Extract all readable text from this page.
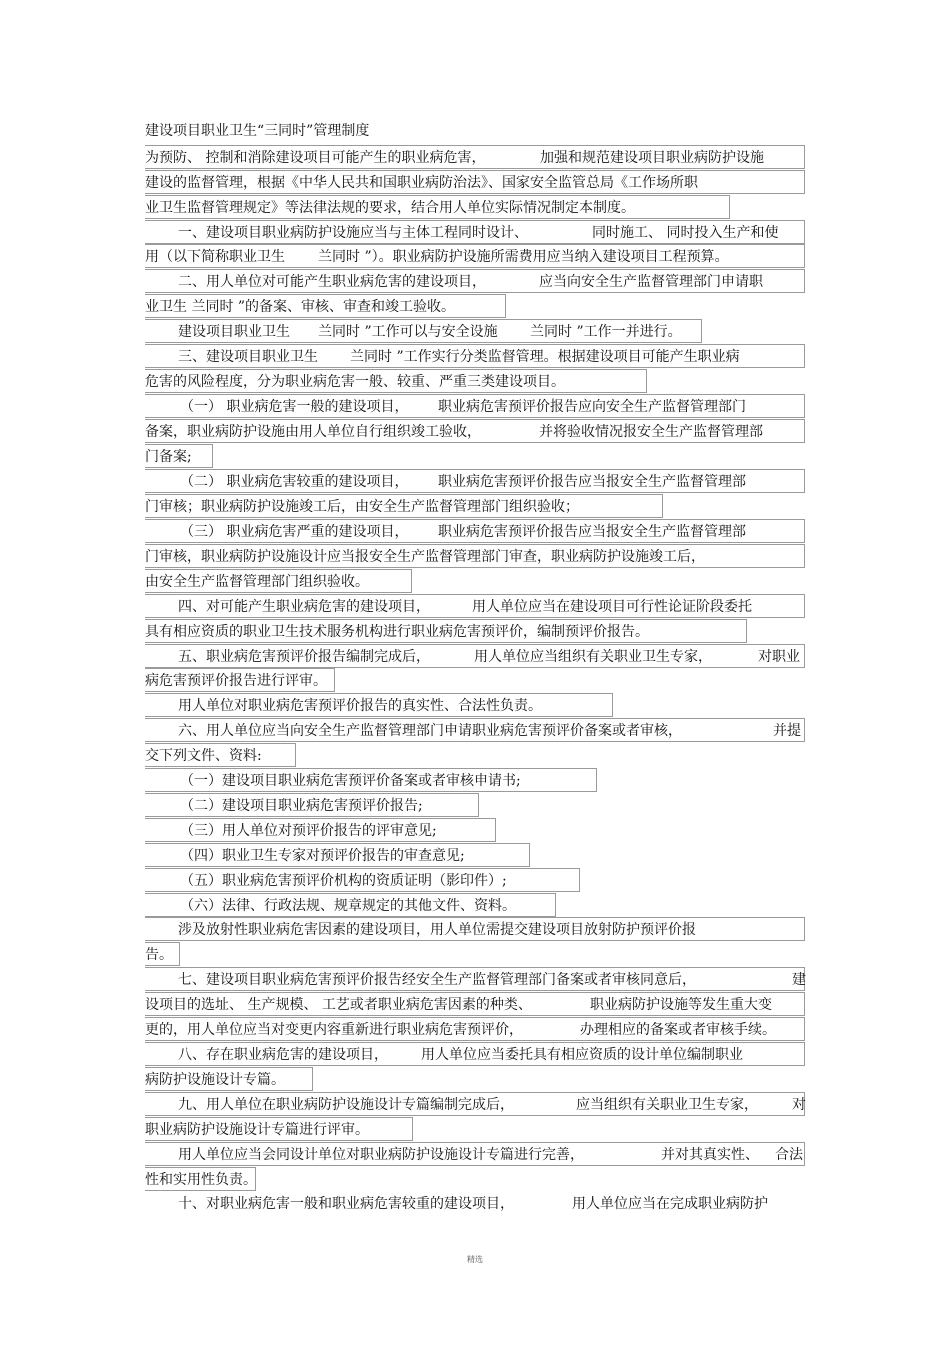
建设项目职业卫生“三同时”管理制度
为预防、 控制和消除建设项目可能产生的职业病危害，	加强和规范建设项目职业病防护设施
建设的监督管理，根据《中华人民共和国职业病防治法》、国家安全监管总局《工作场所职
业卫生监督管理规定》等法律法规的要求，结合用人单位实际情况制定本制度。
一、建设项目职业病防护设施应当与主体工程同时设计、	同时施工、 同时投入生产和使
用（以下简称职业卫生 兰同时 ”）。职业病防护设施所需费用应当纳入建设项目工程预算。
二、用人单位对可能产生职业病危害的建设项目，	应当向安全生产监督管理部门申请职
业卫生 兰同时 ”的备案、审核、审查和竣工验收。
建设项目职业卫生 兰同时 ”工作可以与安全设施 兰同时 ”工作一并进行。
三、建设项目职业卫生 兰同时 ”工作实行分类监督管理。根据建设项目可能产生职业病
危害的风险程度，分为职业病危害一般、较重、严重三类建设项目。
（一） 职业病危害一般的建设项目， 职业病危害预评价报告应向安全生产监督管理部门
备案，职业病防护设施由用人单位自行组织竣工验收，	并将验收情况报安全生产监督管理部
门备案;
（二） 职业病危害较重的建设项目， 职业病危害预评价报告应当报安全生产监督管理部
门审核；职业病防护设施竣工后，由安全生产监督管理部门组织验收；
（三） 职业病危害严重的建设项目， 职业病危害预评价报告应当报安全生产监督管理部
门审核，职业病防护设施设计应当报安全生产监督管理部门审查，职业病防护设施竣工后，
由安全生产监督管理部门组织验收。
四、对可能产生职业病危害的建设项目，	用人单位应当在建设项目可行性论证阶段委托
具有相应资质的职业卫生技术服务机构进行职业病危害预评价，编制预评价报告。
五、职业病危害预评价报告编制完成后，	用人单位应当组织有关职业卫生专家，	对职业
病危害预评价报告进行评审。
用人单位对职业病危害预评价报告的真实性、合法性负责。
六、用人单位应当向安全生产监督管理部门申请职业病危害预评价备案或者审核，	并提
交下列文件、资料:
（一）建设项目职业病危害预评价备案或者审核申请书;
（二）建设项目职业病危害预评价报告;
（三）用人单位对预评价报告的评审意见;
（四）职业卫生专家对预评价报告的审查意见;
（五）职业病危害预评价机构的资质证明（影印件）;
（六）法律、行政法规、规章规定的其他文件、资料。
涉及放射性职业病危害因素的建设项目，用人单位需提交建设项目放射防护预评价报
告。
七、建设项目职业病危害预评价报告经安全生产监督管理部门备案或者审核同意后，	建
设项目的选址、 生产规模、 工艺或者职业病危害因素的种类、	职业病防护设施等发生重大变
更的，用人单位应当对变更内容重新进行职业病危害预评价，	办理相应的备案或者审核手续。
八、存在职业病危害的建设项目， 用人单位应当委托具有相应资质的设计单位编制职业
病防护设施设计专篇。
九、用人单位在职业病防护设施设计专篇编制完成后，	应当组织有关职业卫生专家， 对
职业病防护设施设计专篇进行评审。
用人单位应当会同设计单位对职业病防护设施设计专篇进行完善，	并对其真实性、 合法
性和实用性负责。
十、对职业病危害一般和职业病危害较重的建设项目，	用人单位应当在完成职业病防护
精选
